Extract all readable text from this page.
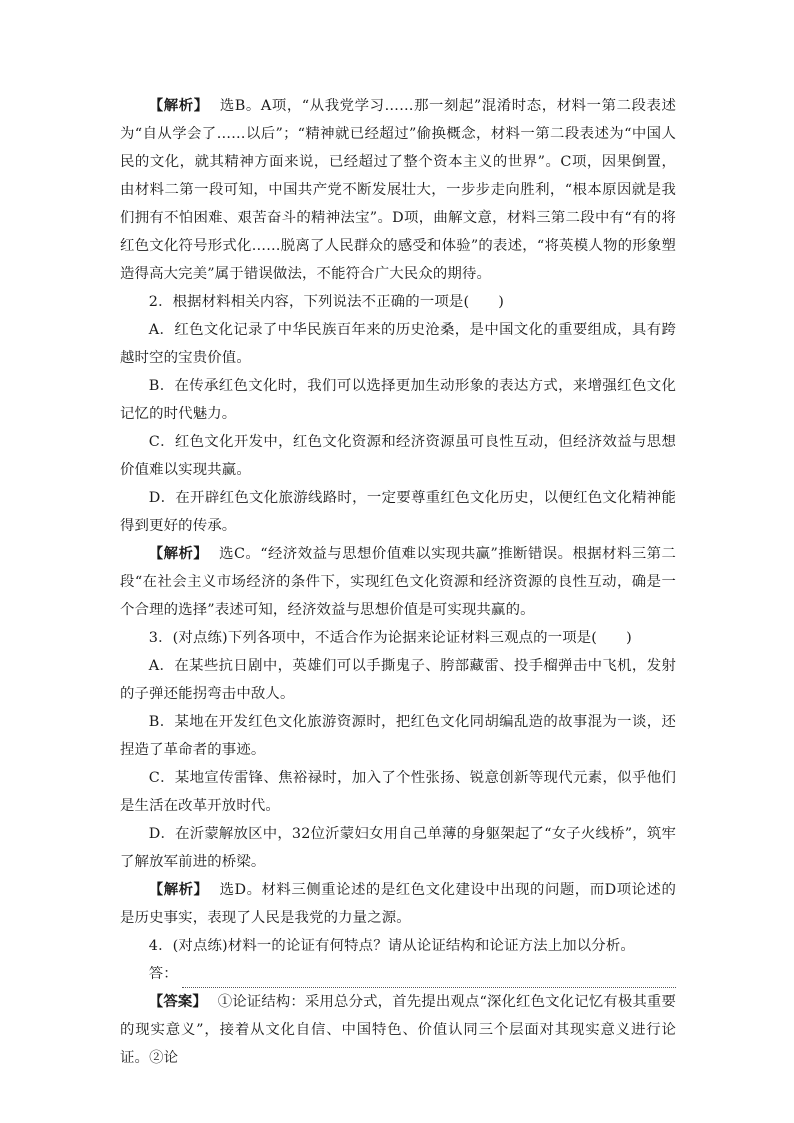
【解析】 选B。A项，“从我党学习……那一刻起”混淆时态，材料一第二段表述为“自从学会了……以后”；“精神就已经超过”偷换概念，材料一第二段表述为“中国人民的文化，就其精神方面来说，已经超过了整个资本主义的世界”。C项，因果倒置，由材料二第一段可知，中国共产党不断发展壮大，一步步走向胜利，“根本原因就是我们拥有不怕困难、艰苦奋斗的精神法宝”。D项，曲解文意，材料三第二段中有“有的将红色文化符号形式化……脱离了人民群众的感受和体验”的表述，“将英模人物的形象塑造得高大完美”属于错误做法，不能符合广大民众的期待。

2．根据材料相关内容，下列说法不正确的一项是(　　)

A．红色文化记录了中华民族百年来的历史沧桑，是中国文化的重要组成，具有跨越时空的宝贵价值。

B．在传承红色文化时，我们可以选择更加生动形象的表达方式，来增强红色文化记忆的时代魅力。

C．红色文化开发中，红色文化资源和经济资源虽可良性互动，但经济效益与思想价值难以实现共赢。

D．在开辟红色文化旅游线路时，一定要尊重红色文化历史，以便红色文化精神能得到更好的传承。

【解析】 选C。“经济效益与思想价值难以实现共赢”推断错误。根据材料三第二段“在社会主义市场经济的条件下，实现红色文化资源和经济资源的良性互动，确是一个合理的选择”表述可知，经济效益与思想价值是可实现共赢的。

3．(对点练)下列各项中，不适合作为论据来论证材料三观点的一项是(　　)

A．在某些抗日剧中，英雄们可以手撕鬼子、胯部藏雷、投手榴弹击中飞机，发射的子弹还能拐弯击中敌人。

B．某地在开发红色文化旅游资源时，把红色文化同胡编乱造的故事混为一谈，还捏造了革命者的事迹。

C．某地宣传雷锋、焦裕禄时，加入了个性张扬、锐意创新等现代元素，似乎他们是生活在改革开放时代。

D．在沂蒙解放区中，32位沂蒙妇女用自己单薄的身躯架起了“女子火线桥”，筑牢了解放军前进的桥梁。

【解析】 选D。材料三侧重论述的是红色文化建设中出现的问题，而D项论述的是历史事实，表现了人民是我党的力量之源。

4．(对点练)材料一的论证有何特点？请从论证结构和论证方法上加以分析。

答：

【答案】 ①论证结构：采用总分式，首先提出观点“深化红色文化记忆有极其重要的现实意义”，接着从文化自信、中国特色、价值认同三个层面对其现实意义进行论证。②论
